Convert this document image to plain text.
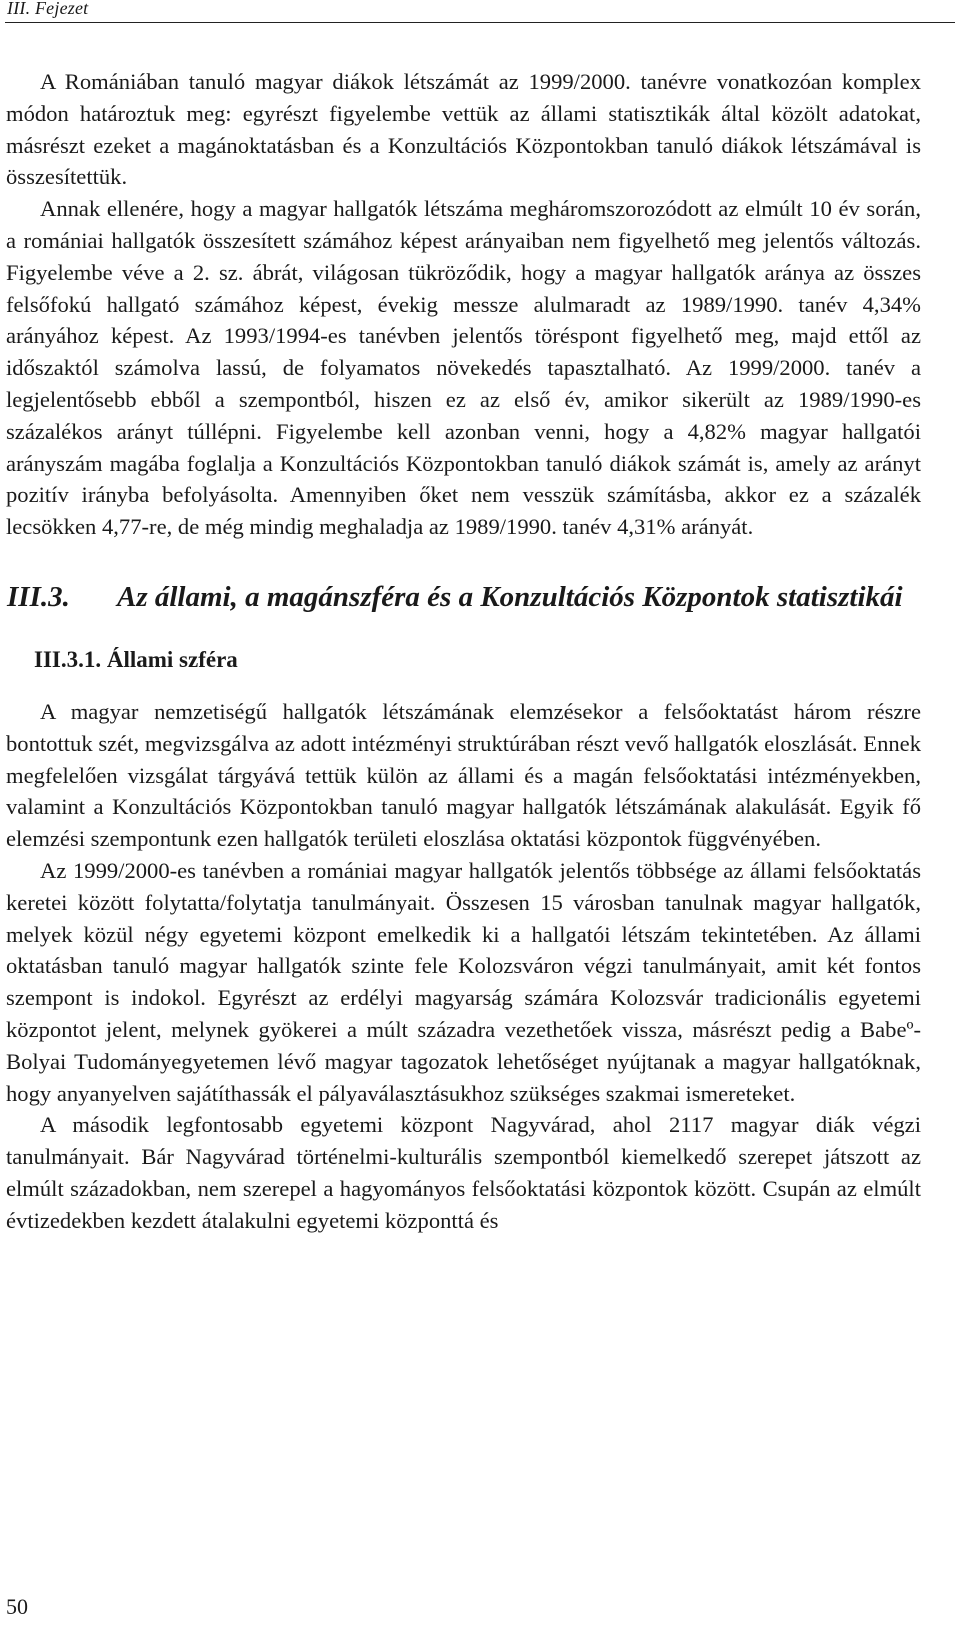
III. Fejezet

A Romániában tanuló magyar diákok létszámát az 1999/2000. tanévre vonatkozóan komplex módon határoztuk meg: egyrészt figyelembe vettük az állami statisztikák által közölt adatokat, másrészt ezeket a magánoktatásban és a Konzultációs Központokban tanuló diákok létszámával is összesítettük.

Annak ellenére, hogy a magyar hallgatók létszáma megháromszorozódott az elmúlt 10 év során, a romániai hallgatók összesített számához képest arányaiban nem figyelhető meg jelentős változás. Figyelembe véve a 2. sz. ábrát, világosan tükröződik, hogy a magyar hallgatók aránya az összes felsőfokú hallgató számához képest, évekig messze alulmaradt az 1989/1990. tanév 4,34% arányához képest. Az 1993/1994-es tanévben jelentős töréspont figyelhető meg, majd ettől az időszaktól számolva lassú, de folyamatos növekedés tapasztalható. Az 1999/2000. tanév a legjelentősebb ebből a szempontból, hiszen ez az első év, amikor sikerült az 1989/1990-es százalékos arányt túllépni. Figyelembe kell azonban venni, hogy a 4,82% magyar hallgatói arányszám magába foglalja a Konzultációs Központokban tanuló diákok számát is, amely az arányt pozitív irányba befolyásolta. Amennyiben őket nem vesszük számításba, akkor ez a százalék lecsökken 4,77-re, de még mindig meghaladja az 1989/1990. tanév 4,31% arányát.

III.3. Az állami, a magánszféra és a Konzultációs Központok statisztikái
III.3.1. Állami szféra

A magyar nemzetiségű hallgatók létszámának elemzésekor a felsőoktatást három részre bontottuk szét, megvizsgálva az adott intézményi struktúrában részt vevő hallgatók eloszlását. Ennek megfelelően vizsgálat tárgyává tettük külön az állami és a magán felsőoktatási intézményekben, valamint a Konzultációs Központokban tanuló magyar hallgatók létszámának alakulását. Egyik fő elemzési szempontunk ezen hallgatók területi eloszlása oktatási központok függvényében.

Az 1999/2000-es tanévben a romániai magyar hallgatók jelentős többsége az állami felsőoktatás keretei között folytatta/folytatja tanulmányait. Összesen 15 városban tanulnak magyar hallgatók, melyek közül négy egyetemi központ emelkedik ki a hallgatói létszám tekintetében. Az állami oktatásban tanuló magyar hallgatók szinte fele Kolozsváron végzi tanulmányait, amit két fontos szempont is indokol. Egyrészt az erdélyi magyarság számára Kolozsvár tradicionális egyetemi központot jelent, melynek gyökerei a múlt századra vezethetőek vissza, másrészt pedig a Babeº-Bolyai Tudományegyetemen lévő magyar tagozatok lehetőséget nyújtanak a magyar hallgatóknak, hogy anyanyelven sajátíthassák el pályaválasztásukhoz szükséges szakmai ismereteket.

A második legfontosabb egyetemi központ Nagyvárad, ahol 2117 magyar diák végzi tanulmányait. Bár Nagyvárad történelmi-kulturális szempontból kiemelkedő szerepet játszott az elmúlt századokban, nem szerepel a hagyományos felsőoktatási központok között. Csupán az elmúlt évtizedekben kezdett átalakulni egyetemi központtá és

50
